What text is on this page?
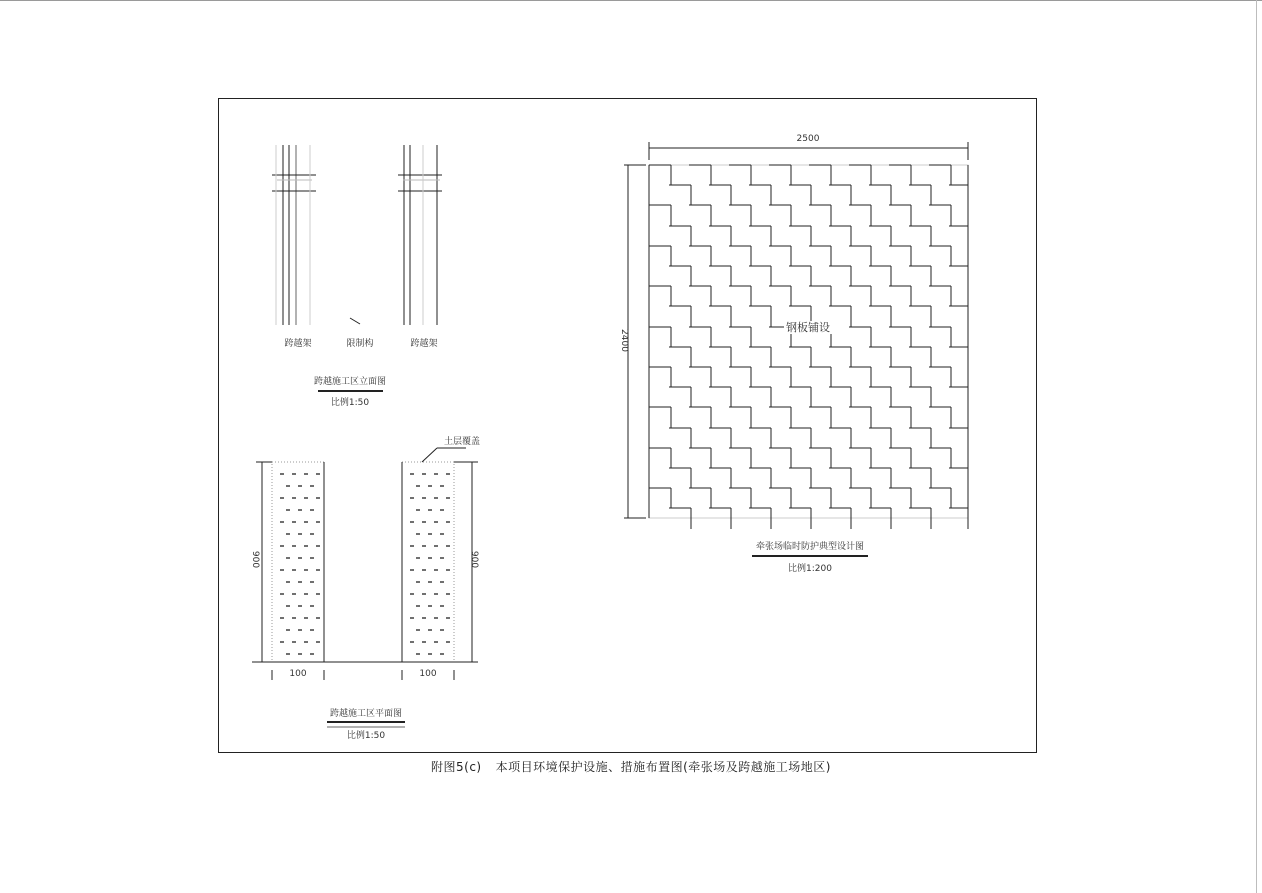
跨越架	限制构	跨越架
跨越施工区立面图
比例1:50
土层覆盖
900	900
100	100
跨越施工区平面图
比例1:50
2500
2400
钢板铺设
牵张场临时防护典型设计图
比例1:200
附图5(c) 本项目环境保护设施、措施布置图(牵张场及跨越施工场地区)
